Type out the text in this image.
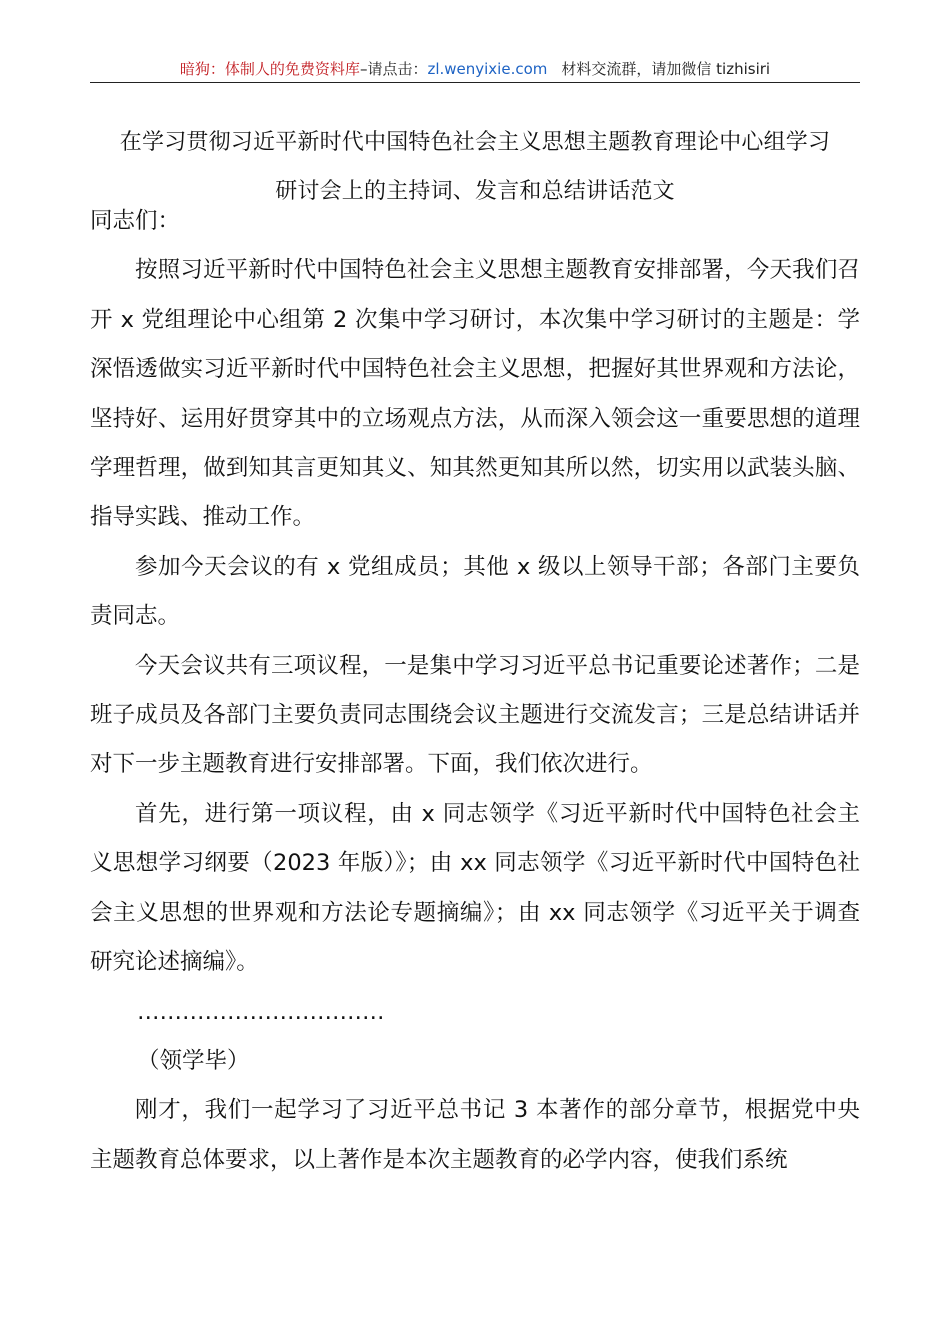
暗狗：体制人的免费资料库–请点击：zl.wenyixie.com 材料交流群，请加微信 tizhisiri
在学习贯彻习近平新时代中国特色社会主义思想主题教育理论中心组学习
研讨会上的主持词、发言和总结讲话范文

同志们：

按照习近平新时代中国特色社会主义思想主题教育安排部署，今天我们召开 x 党组理论中心组第 2 次集中学习研讨，本次集中学习研讨的主题是：学深悟透做实习近平新时代中国特色社会主义思想，把握好其世界观和方法论，坚持好、运用好贯穿其中的立场观点方法，从而深入领会这一重要思想的道理学理哲理，做到知其言更知其义、知其然更知其所以然，切实用以武装头脑、指导实践、推动工作。

参加今天会议的有 x 党组成员；其他 x 级以上领导干部；各部门主要负责同志。

今天会议共有三项议程，一是集中学习习近平总书记重要论述著作；二是班子成员及各部门主要负责同志围绕会议主题进行交流发言；三是总结讲话并对下一步主题教育进行安排部署。下面，我们依次进行。

首先，进行第一项议程，由 x 同志领学《习近平新时代中国特色社会主义思想学习纲要（2023 年版）》；由 xx 同志领学《习近平新时代中国特色社会主义思想的世界观和方法论专题摘编》；由 xx 同志领学《习近平关于调查研究论述摘编》。

……………………………

（领学毕）

刚才，我们一起学习了习近平总书记 3 本著作的部分章节，根据党中央主题教育总体要求，以上著作是本次主题教育的必学内容，使我们系统
